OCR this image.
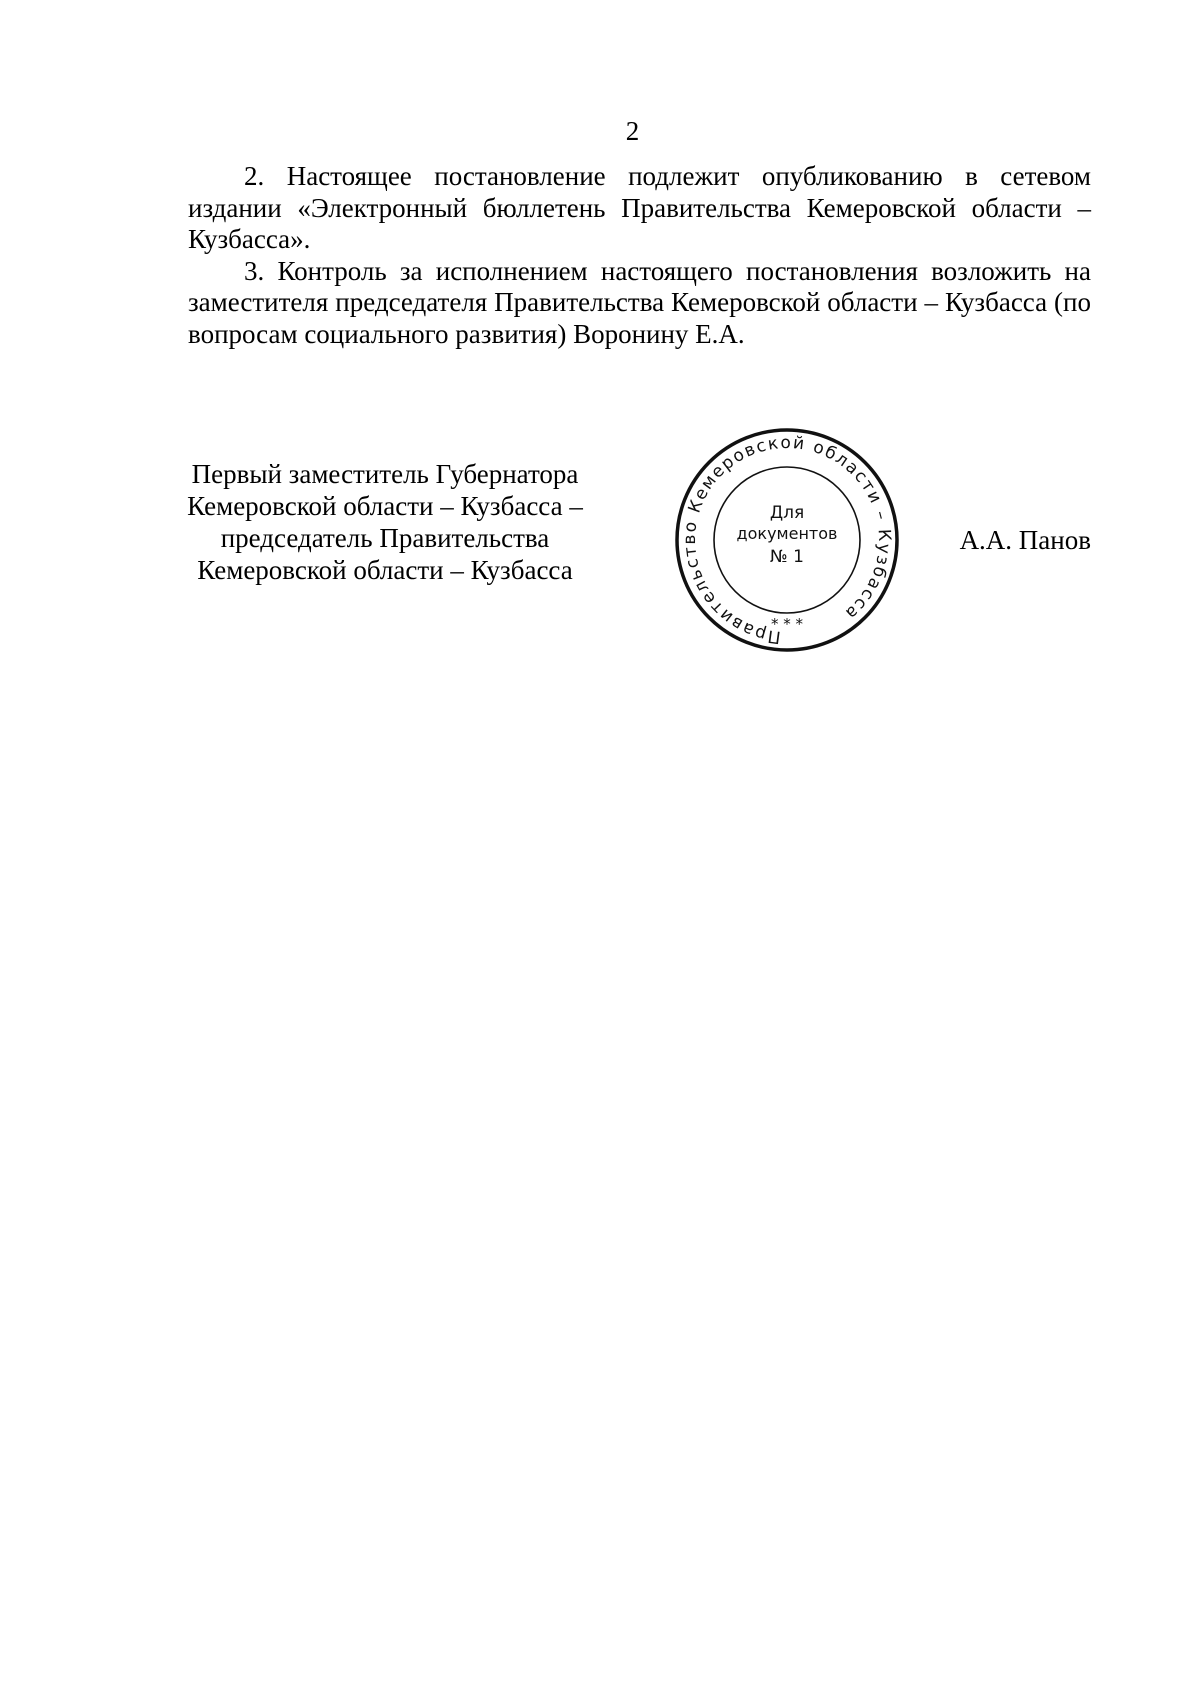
2

2. Настоящее постановление подлежит опубликованию в сетевом издании «Электронный бюллетень Правительства Кемеровской области – Кузбасса».

3. Контроль за исполнением настоящего постановления возложить на заместителя председателя Правительства Кемеровской области – Кузбасса (по вопросам социального развития) Воронину Е.А.

Первый заместитель Губернатора
Кемеровской области – Кузбасса –
председатель Правительства
Кемеровской области – Кузбасса
Правительство Кемеровской области – Кузбасса
Для
документов
№ 1
* * *
А.А. Панов
